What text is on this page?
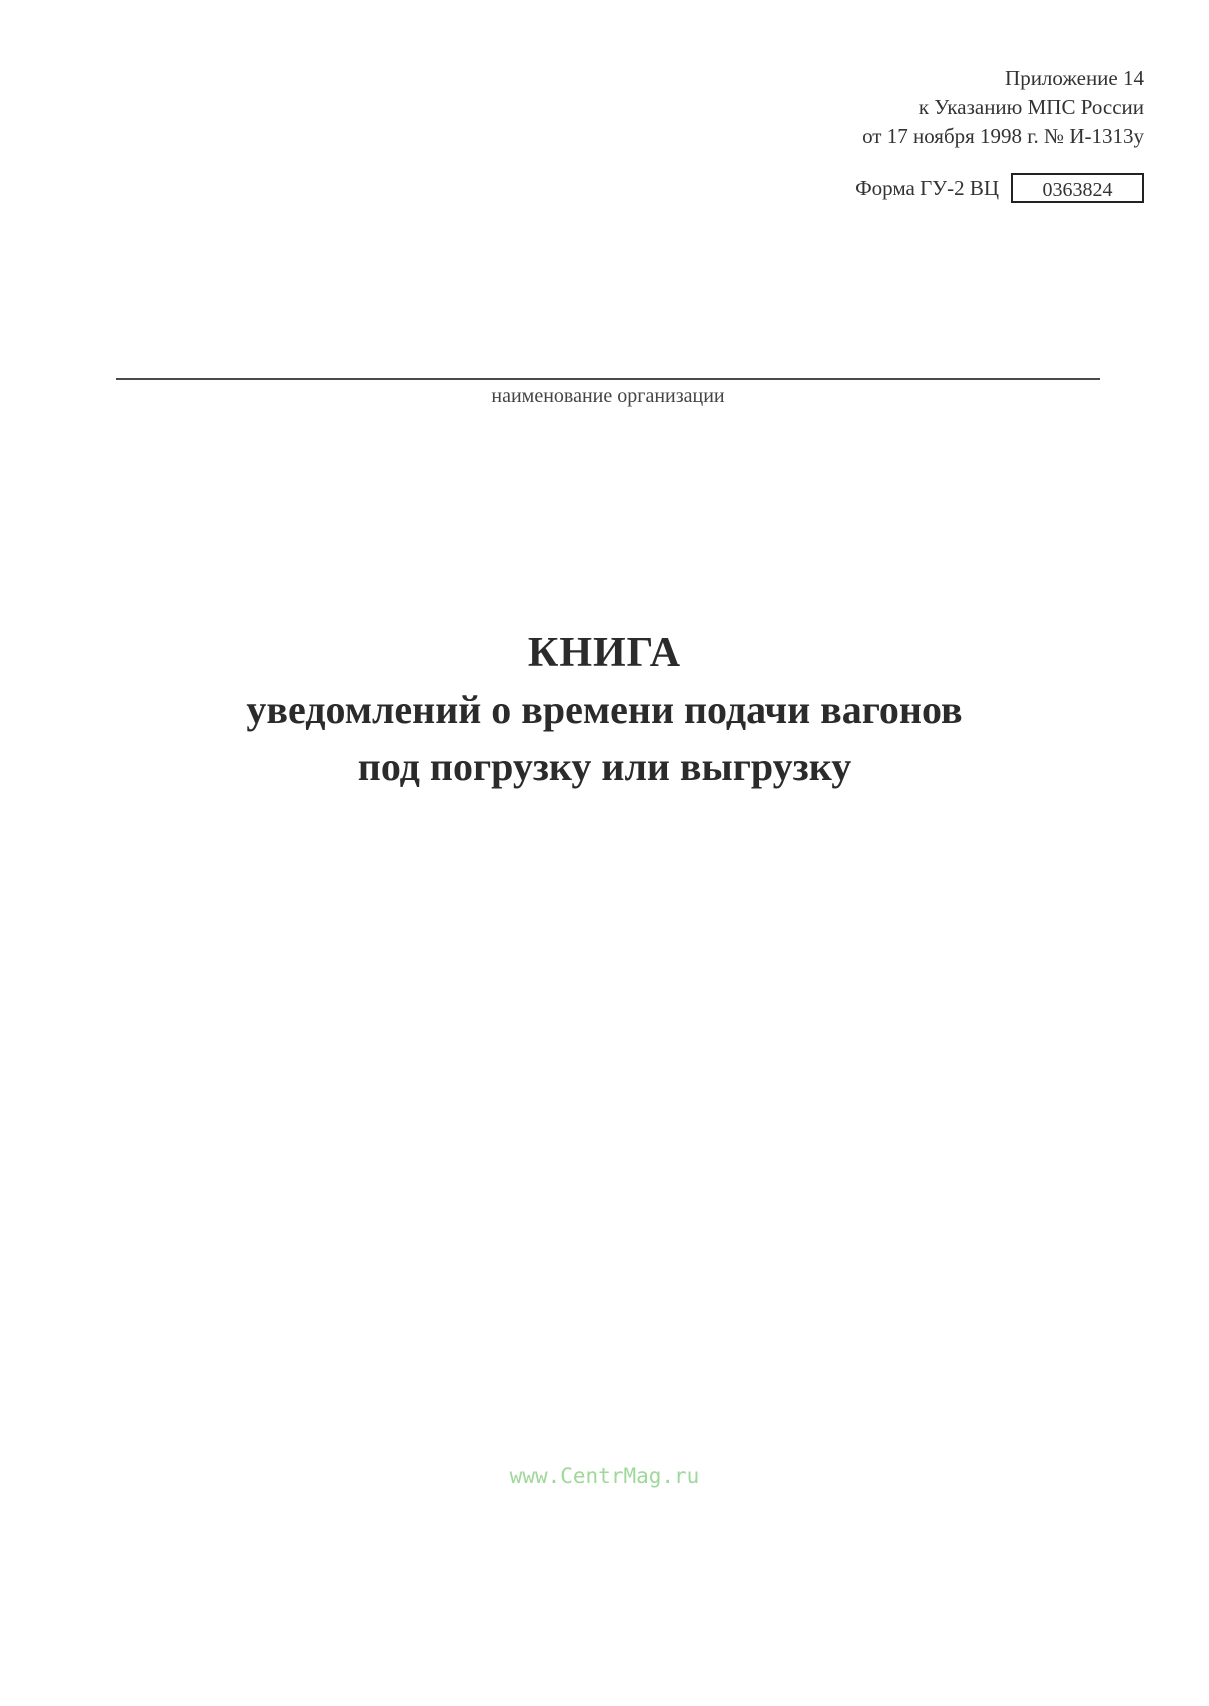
Приложение 14
к Указанию МПС России
от 17 ноября 1998 г. № И-1313у
Форма ГУ-2 ВЦ	0363824
наименование организации
КНИГА
уведомлений о времени подачи вагонов
под погрузку или выгрузку
www.CentrMag.ru
